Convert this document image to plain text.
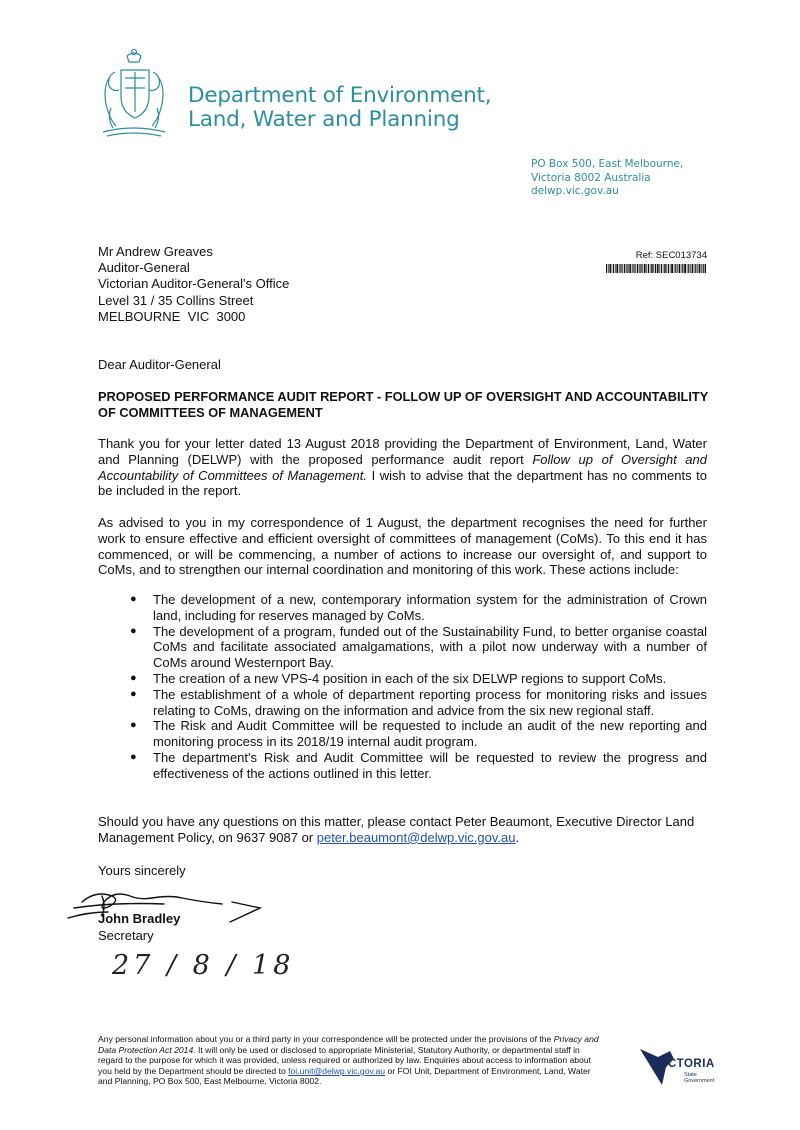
Department of Environment,
Land, Water and Planning
PO Box 500, East Melbourne,
Victoria 8002 Australia
delwp.vic.gov.au
Mr Andrew Greaves
Auditor-General
Victorian Auditor-General's Office
Level 31 / 35 Collins Street
MELBOURNE  VIC  3000
Ref: SEC013734
Dear Auditor-General
PROPOSED PERFORMANCE AUDIT REPORT - FOLLOW UP OF OVERSIGHT AND ACCOUNTABILITY OF COMMITTEES OF MANAGEMENT
Thank you for your letter dated 13 August 2018 providing the Department of Environment, Land, Water and Planning (DELWP) with the proposed performance audit report Follow up of Oversight and Accountability of Committees of Management. I wish to advise that the department has no comments to be included in the report.
As advised to you in my correspondence of 1 August, the department recognises the need for further work to ensure effective and efficient oversight of committees of management (CoMs). To this end it has commenced, or will be commencing, a number of actions to increase our oversight of, and support to CoMs, and to strengthen our internal coordination and monitoring of this work. These actions include:
● The development of a new, contemporary information system for the administration of Crown land, including for reserves managed by CoMs.
● The development of a program, funded out of the Sustainability Fund, to better organise coastal CoMs and facilitate associated amalgamations, with a pilot now underway with a number of CoMs around Westernport Bay.
● The creation of a new VPS-4 position in each of the six DELWP regions to support CoMs.
● The establishment of a whole of department reporting process for monitoring risks and issues relating to CoMs, drawing on the information and advice from the six new regional staff.
● The Risk and Audit Committee will be requested to include an audit of the new reporting and monitoring process in its 2018/19 internal audit program.
● The department's Risk and Audit Committee will be requested to review the progress and effectiveness of the actions outlined in this letter.
Should you have any questions on this matter, please contact Peter Beaumont, Executive Director Land Management Policy, on 9637 9087 or peter.beaumont@delwp.vic.gov.au.
Yours sincerely
John Bradley
Secretary
27 / 8 / 18
Any personal information about you or a third party in your correspondence will be protected under the provisions of the Privacy and Data Protection Act 2014. It will only be used or disclosed to appropriate Ministerial, Statutory Authority, or departmental staff in regard to the purpose for which it was provided, unless required or authorized by law. Enquiries about access to information about you held by the Department should be directed to foi.unit@delwp.vic.gov.au or FOI Unit, Department of Environment, Land, Water and Planning, PO Box 500, East Melbourne, Victoria 8002.
VICTORIA
State
Government
